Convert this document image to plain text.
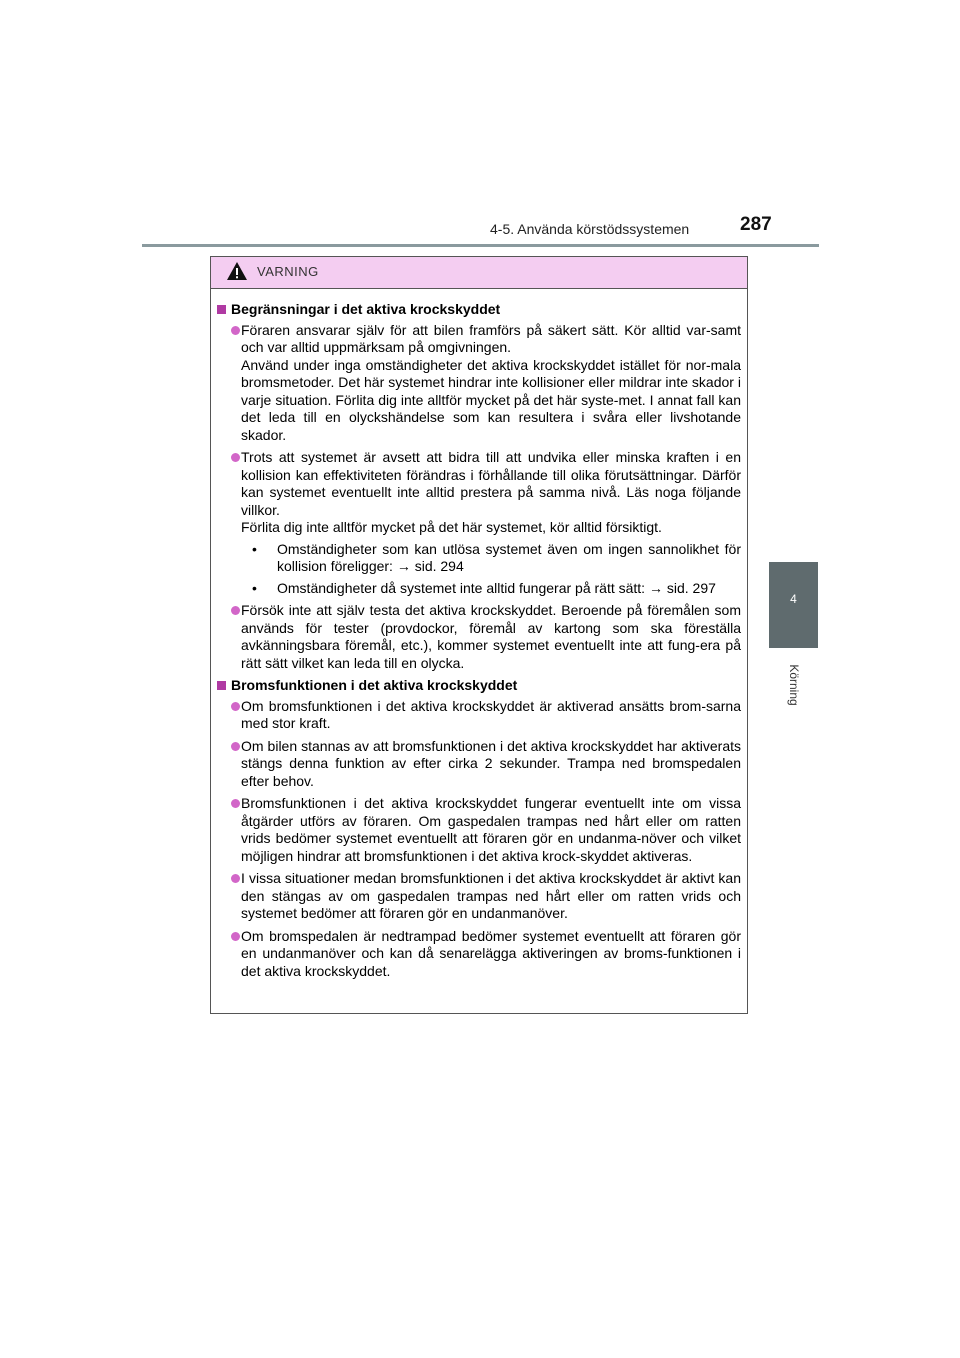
4-5. Använda körstödssystemen	287
4
Körning
VARNING
Begränsningar i det aktiva krockskyddet

Föraren ansvarar själv för att bilen framförs på säkert sätt. Kör alltid var-samt och var alltid uppmärksam på omgivningen.

Använd under inga omständigheter det aktiva krockskyddet istället för nor-mala bromsmetoder. Det här systemet hindrar inte kollisioner eller mildrar inte skador i varje situation. Förlita dig inte alltför mycket på det här syste-met. I annat fall kan det leda till en olyckshändelse som kan resultera i svåra eller livshotande skador.

Trots att systemet är avsett att bidra till att undvika eller minska kraften i en kollision kan effektiviteten förändras i förhållande till olika förutsättningar. Därför kan systemet eventuellt inte alltid prestera på samma nivå. Läs noga följande villkor.

Förlita dig inte alltför mycket på det här systemet, kör alltid försiktigt.

• Omständigheter som kan utlösa systemet även om ingen sannolikhet för kollision föreligger: → sid. 294
• Omständigheter då systemet inte alltid fungerar på rätt sätt: → sid. 297

Försök inte att själv testa det aktiva krockskyddet. Beroende på föremålen som används för tester (provdockor, föremål av kartong som ska föreställa avkänningsbara föremål, etc.), kommer systemet eventuellt inte att fung-era på rätt sätt vilket kan leda till en olycka.

Bromsfunktionen i det aktiva krockskyddet

Om bromsfunktionen i det aktiva krockskyddet är aktiverad ansätts brom-sarna med stor kraft.

Om bilen stannas av att bromsfunktionen i det aktiva krockskyddet har aktiverats stängs denna funktion av efter cirka 2 sekunder. Trampa ned bromspedalen efter behov.

Bromsfunktionen i det aktiva krockskyddet fungerar eventuellt inte om vissa åtgärder utförs av föraren. Om gaspedalen trampas ned hårt eller om ratten vrids bedömer systemet eventuellt att föraren gör en undanma-növer och vilket möjligen hindrar att bromsfunktionen i det aktiva krock-skyddet aktiveras.

I vissa situationer medan bromsfunktionen i det aktiva krockskyddet är aktivt kan den stängas av om gaspedalen trampas ned hårt eller om ratten vrids och systemet bedömer att föraren gör en undanmanöver.

Om bromspedalen är nedtrampad bedömer systemet eventuellt att föraren gör en undanmanöver och kan då senarelägga aktiveringen av broms-funktionen i det aktiva krockskyddet.
